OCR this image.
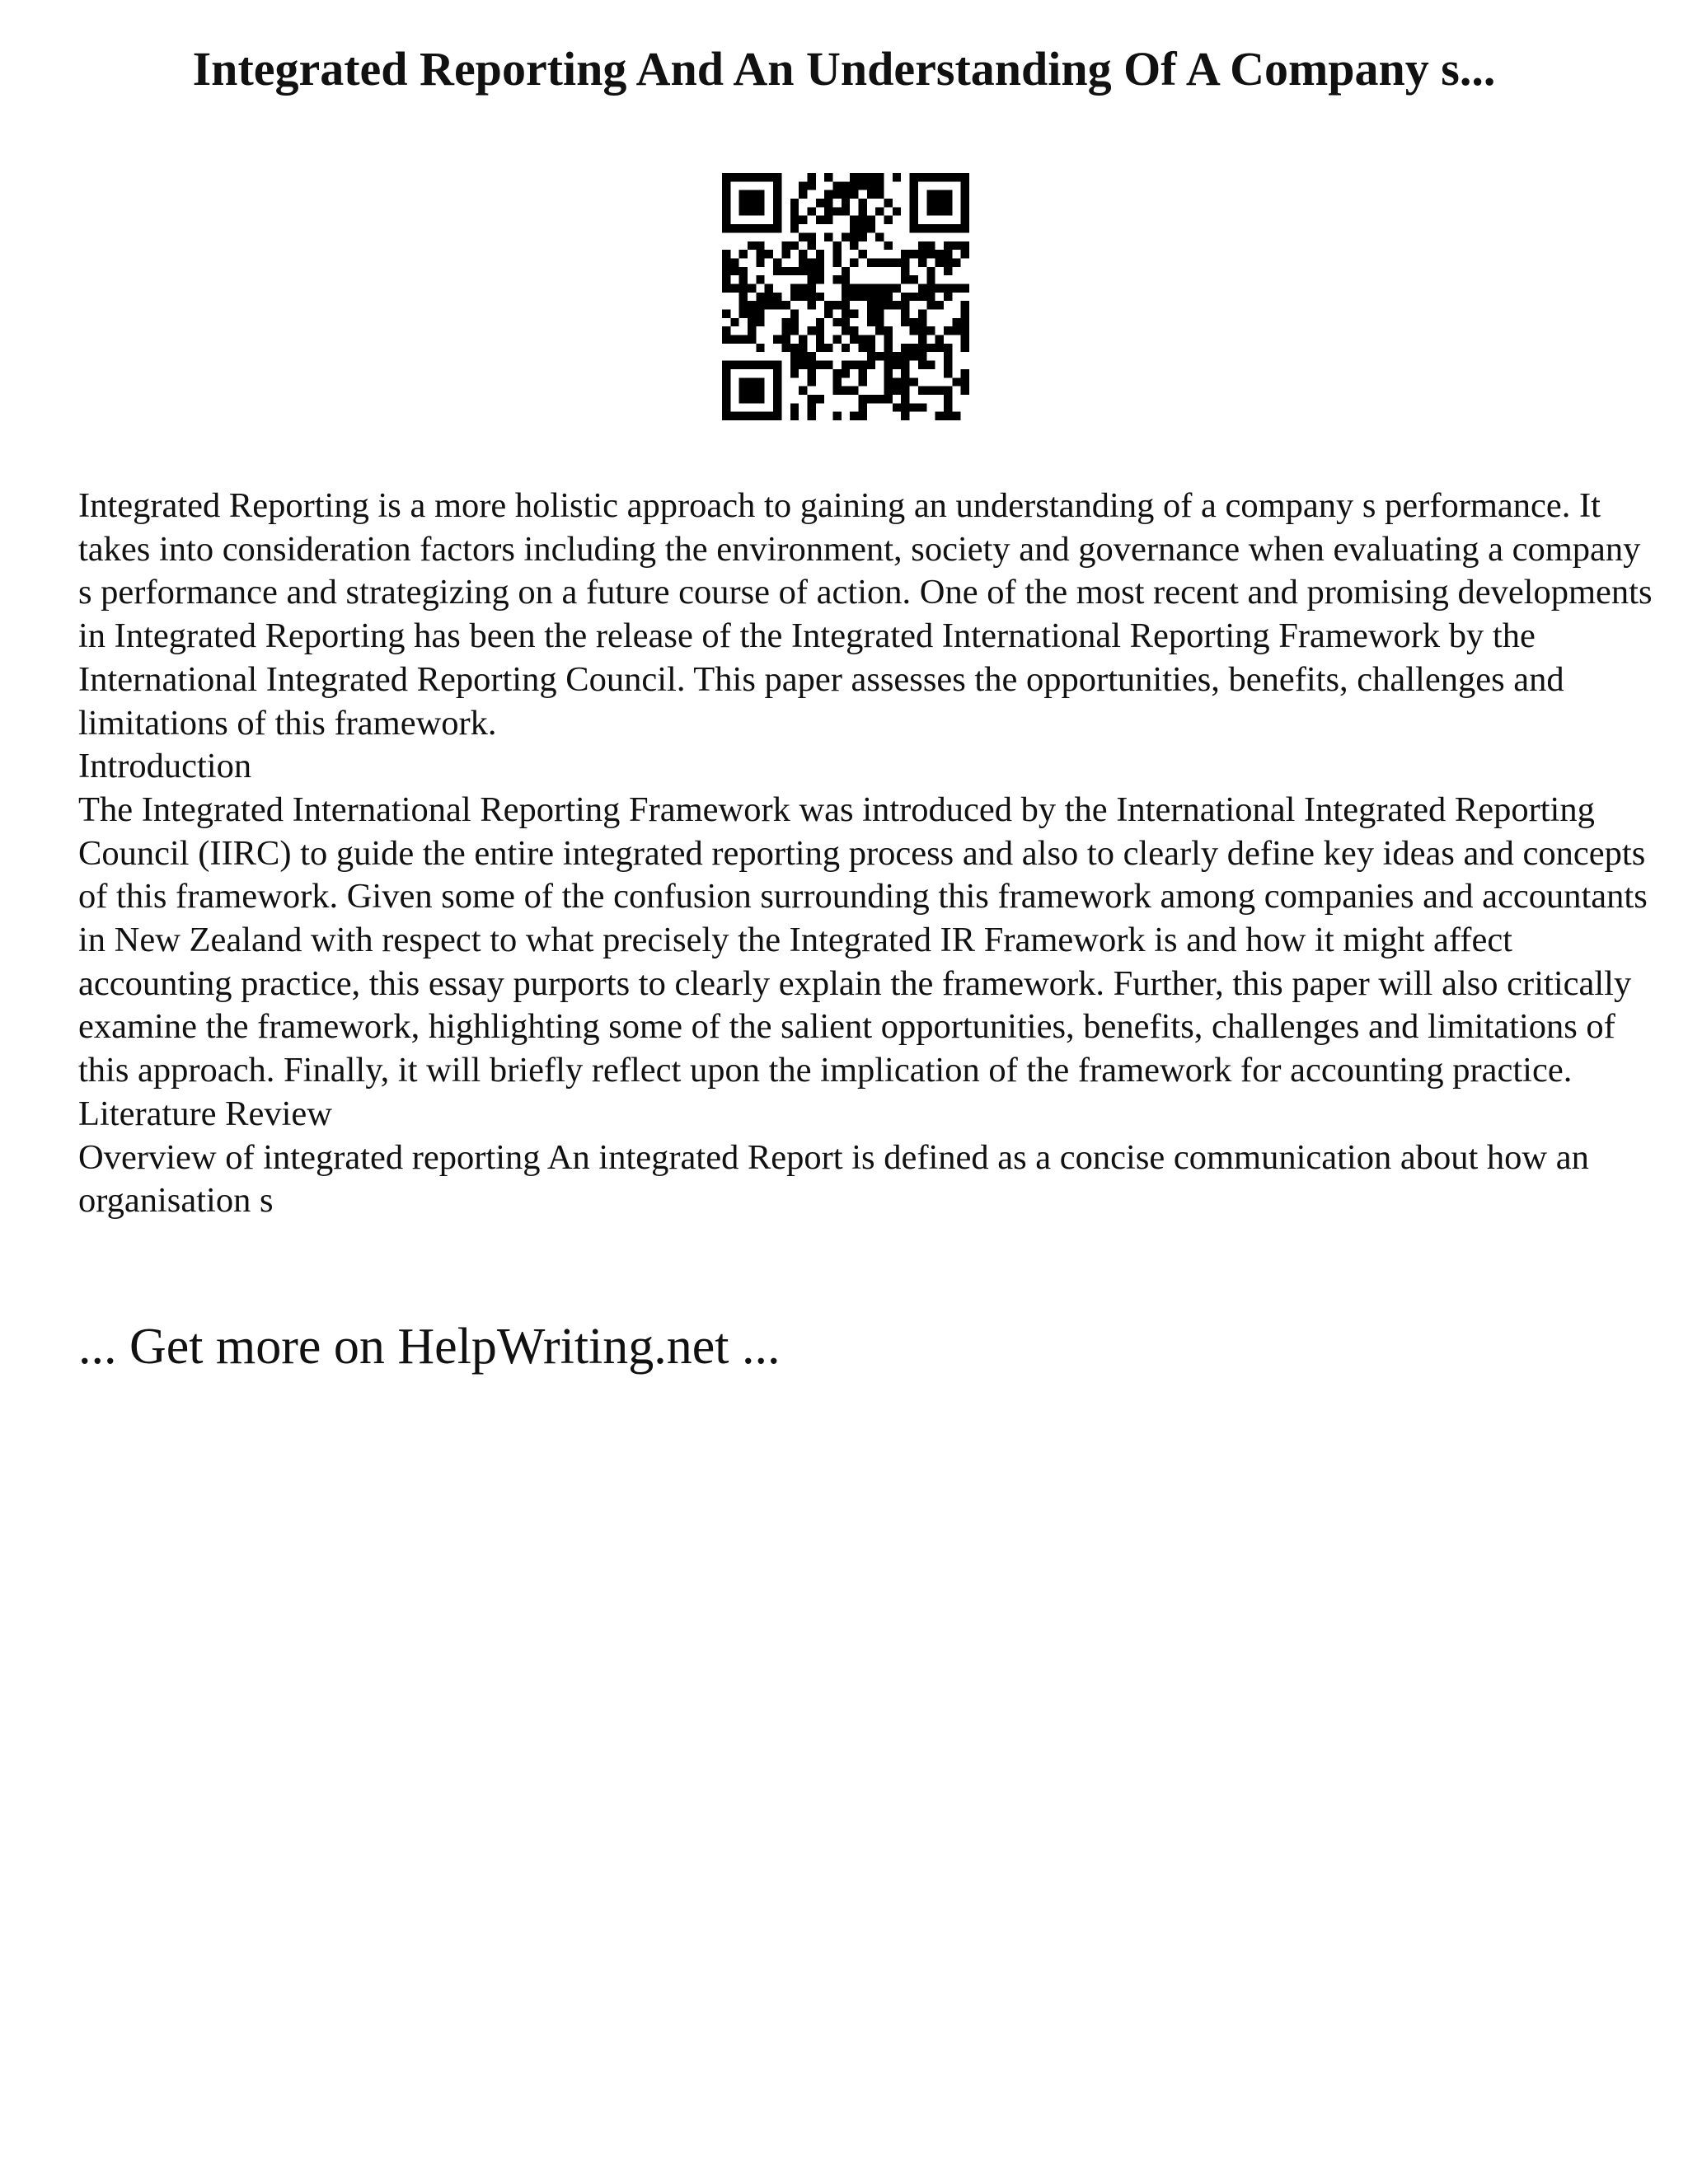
Integrated Reporting And An Understanding Of A Company s...

Integrated Reporting is a more holistic approach to gaining an understanding of a company s performance. It takes into consideration factors including the environment, society and governance when evaluating a company s performance and strategizing on a future course of action. One of the most recent and promising developments in Integrated Reporting has been the release of the Integrated International Reporting Framework by the International Integrated Reporting Council. This paper assesses the opportunities, benefits, challenges and limitations of this framework.

Introduction

The Integrated International Reporting Framework was introduced by the International Integrated Reporting Council (IIRC) to guide the entire integrated reporting process and also to clearly define key ideas and concepts of this framework. Given some of the confusion surrounding this framework among companies and accountants in New Zealand with respect to what precisely the Integrated IR Framework is and how it might affect accounting practice, this essay purports to clearly explain the framework. Further, this paper will also critically examine the framework, highlighting some of the salient opportunities, benefits, challenges and limitations of this approach. Finally, it will briefly reflect upon the implication of the framework for accounting practice.

Literature Review

Overview of integrated reporting An integrated Report is defined as a concise communication about how an organisation s

... Get more on HelpWriting.net ...
